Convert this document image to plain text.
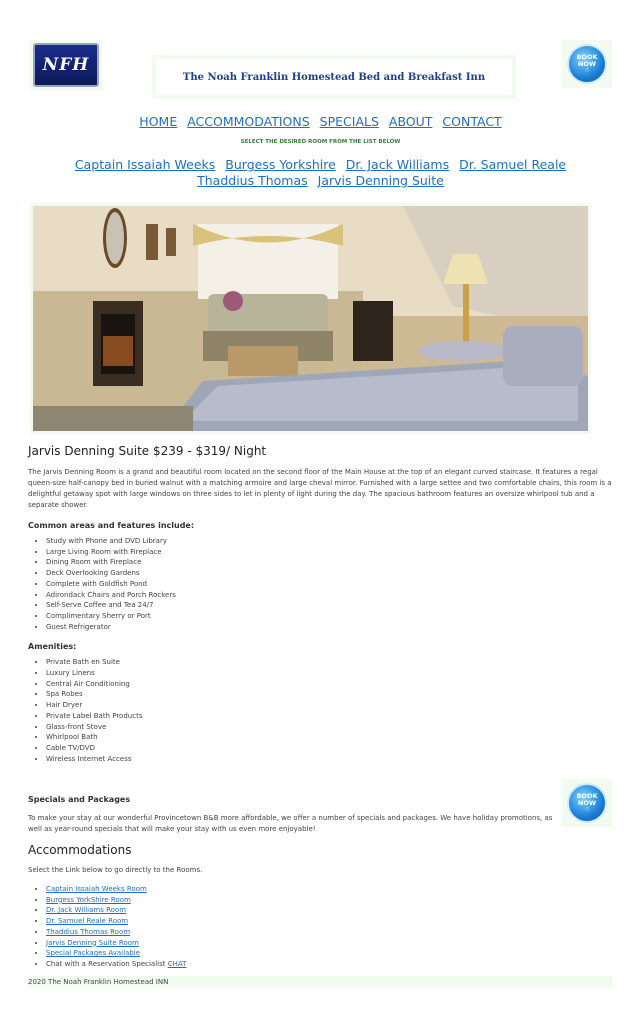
NFH
The Noah Franklin Homestead Bed and Breakfast Inn
BOOK
NOW
☝
HOME ACCOMMODATIONS SPECIALS ABOUT CONTACT
SELECT THE DESIRED ROOM FROM THE LIST BELOW
Captain Issaiah Weeks Burgess Yorkshire Dr. Jack Williams Dr. Samuel Reale Thaddius Thomas Jarvis Denning Suite
Jarvis Denning Suite $239 - $319/ Night

The Jarvis Denning Room is a grand and beautiful room located on the second floor of the Main House at the top of an elegant curved staircase. It features a regal queen-size half-canopy bed in buried walnut with a matching armoire and large cheval mirror. Furnished with a large settee and two comfortable chairs, this room is a delightful getaway spot with large windows on three sides to let in plenty of light during the day. The spacious bathroom features an oversize whirlpool tub and a separate shower.

Common areas and features include:
• Study with Phone and DVD Library
• Large Living Room with Fireplace
• Dining Room with Fireplace
• Deck Overlooking Gardens
• Complete with Goldfish Pond
• Adirondack Chairs and Porch Rockers
• Self-Serve Coffee and Tea 24/7
• Complimentary Sherry or Port
• Guest Refrigerator
Amenities:
• Private Bath en Suite
• Luxury Linens
• Central Air Conditioning
• Spa Robes
• Hair Dryer
• Private Label Bath Products
• Glass-front Stove
• Whirlpool Bath
• Cable TV/DVD
• Wireless Internet Access
BOOK
NOW
☝
Specials and Packages
To make your stay at our wonderful Provincetown B&B more affordable, we offer a number of specials and packages. We have holiday promotions, as well as year-round specials that will make your stay with us even more enjoyable!
Accommodations
Select the Link below to go directly to the Rooms.
• Captain Issaiah Weeks Room
• Burgess YorkShire Room
• Dr. Jack Williams Room
• Dr. Samuel Reale Room
• Thaddius Thomas Room
• Jarvis Denning Suite Room
• Special Packages Available
• Chat with a Reservation Specialist CHAT
2020 The Noah Franklin Homestead INN
